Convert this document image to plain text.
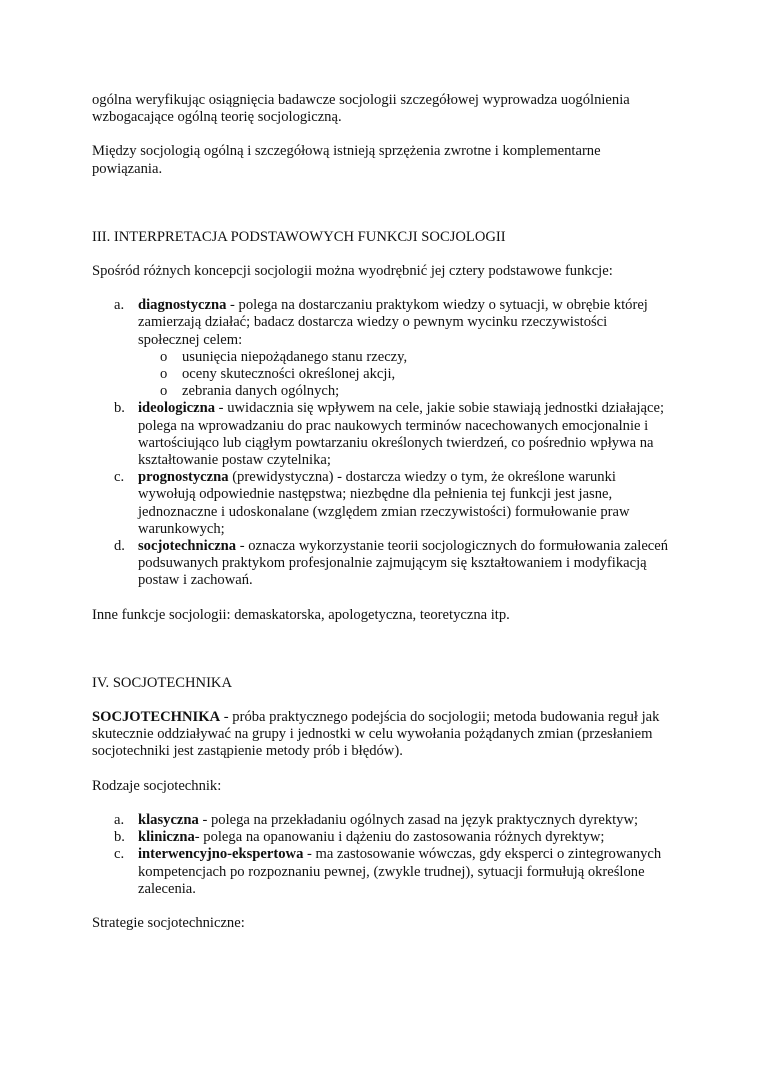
ogólna weryfikując osiągnięcia badawcze socjologii szczegółowej wyprowadza uogólnienia wzbogacające ogólną teorię socjologiczną.

Między socjologią ogólną i szczegółową istnieją sprzężenia zwrotne i komplementarne powiązania.

III. INTERPRETACJA PODSTAWOWYCH FUNKCJI SOCJOLOGII

Spośród różnych koncepcji socjologii można wyodrębnić jej cztery podstawowe funkcje:

a. diagnostyczna - polega na dostarczaniu praktykom wiedzy o sytuacji, w obrębie której zamierzają działać; badacz dostarcza wiedzy o pewnym wycinku rzeczywistości społecznej celem:
o usunięcia niepożądanego stanu rzeczy,
o oceny skuteczności określonej akcji,
o zebrania danych ogólnych;
b. ideologiczna - uwidacznia się wpływem na cele, jakie sobie stawiają jednostki działające; polega na wprowadzaniu do prac naukowych terminów nacechowanych emocjonalnie i wartościująco lub ciągłym powtarzaniu określonych twierdzeń, co pośrednio wpływa na kształtowanie postaw czytelnika;
c. prognostyczna (prewidystyczna) - dostarcza wiedzy o tym, że określone warunki wywołują odpowiednie następstwa; niezbędne dla pełnienia tej funkcji jest jasne, jednoznaczne i udoskonalane (względem zmian rzeczywistości) formułowanie praw warunkowych;
d. socjotechniczna - oznacza wykorzystanie teorii socjologicznych do formułowania zaleceń podsuwanych praktykom profesjonalnie zajmującym się kształtowaniem i modyfikacją postaw i zachowań.

Inne funkcje socjologii: demaskatorska, apologetyczna, teoretyczna itp.

IV. SOCJOTECHNIKA

SOCJOTECHNIKA - próba praktycznego podejścia do socjologii; metoda budowania reguł jak skutecznie oddziaływać na grupy i jednostki w celu wywołania pożądanych zmian (przesłaniem socjotechniki jest zastąpienie metody prób i błędów).

Rodzaje socjotechnik:

a. klasyczna - polega na przekładaniu ogólnych zasad na język praktycznych dyrektyw;
b. kliniczna- polega na opanowaniu i dążeniu do zastosowania różnych dyrektyw;
c. interwencyjno-ekspertowa - ma zastosowanie wówczas, gdy eksperci o zintegrowanych kompetencjach po rozpoznaniu pewnej, (zwykle trudnej), sytuacji formułują określone zalecenia.

Strategie socjotechniczne:
